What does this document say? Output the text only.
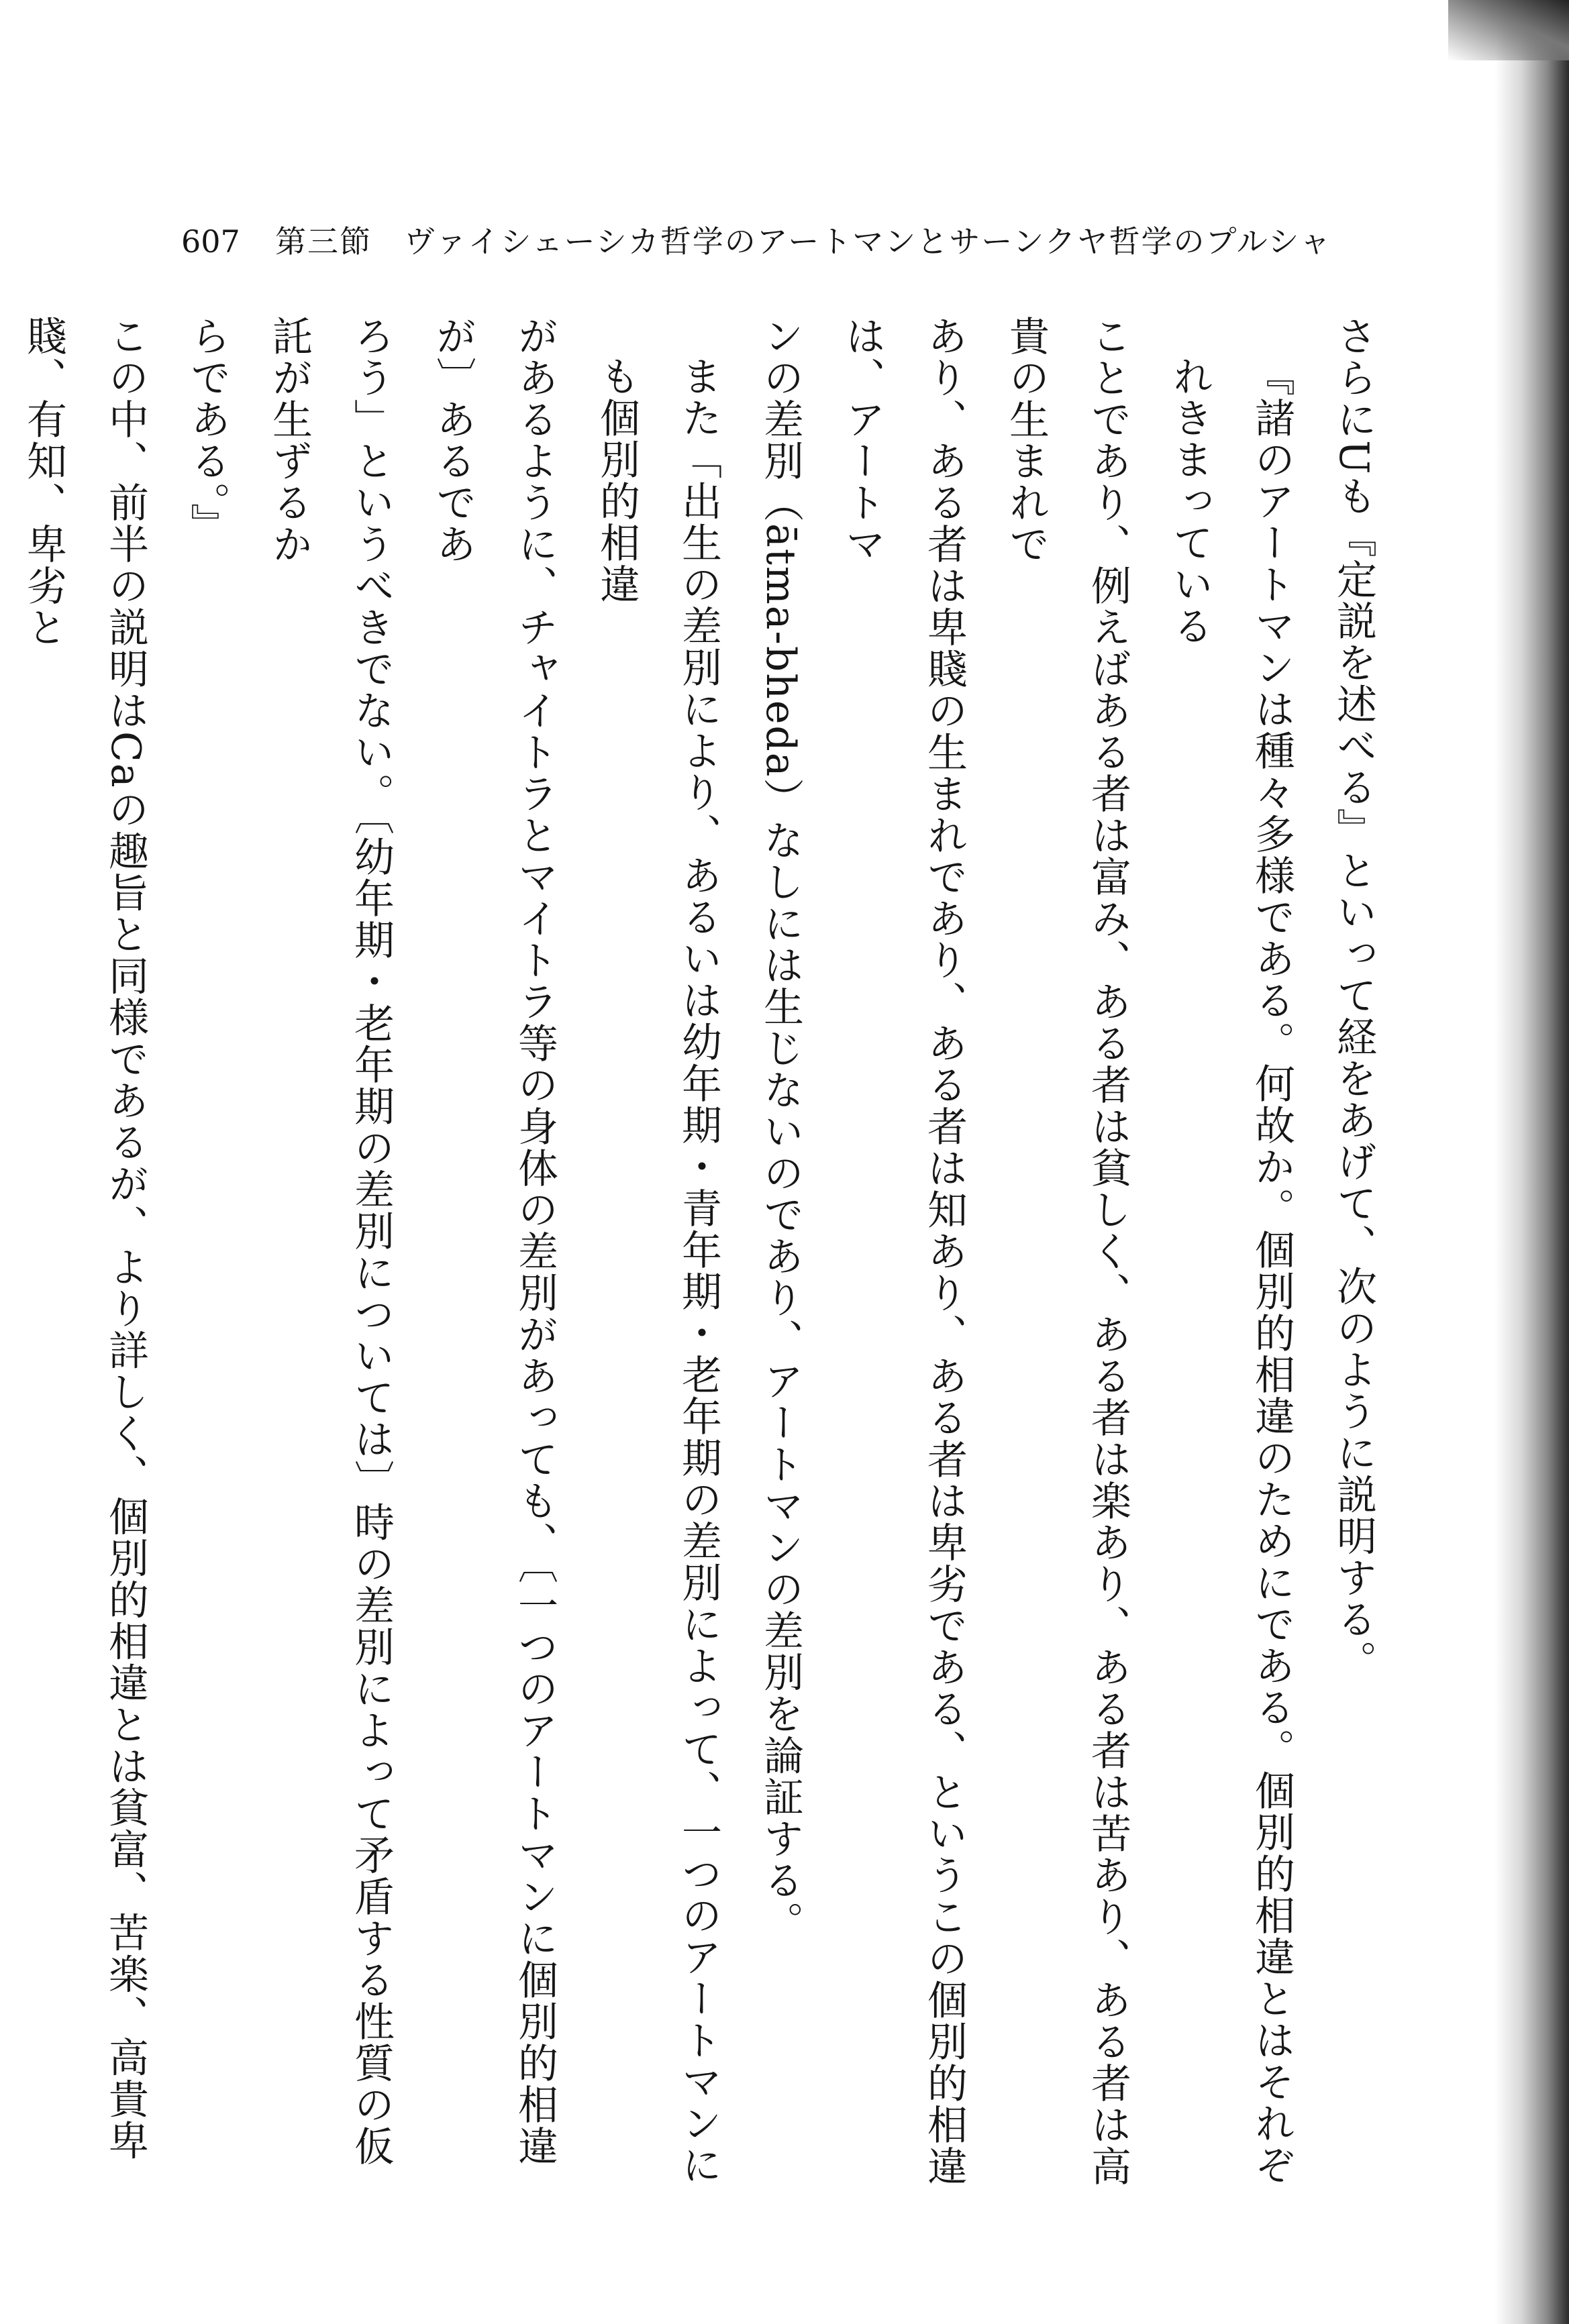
607	第三節　ヴァイシェーシカ哲学のアートマンとサーンクヤ哲学のプルシャ

さらにUも『定説を述べる』といって経をあげて、次のように説明する。

『諸のアートマンは種々多様である。何故か。個別的相違のためにである。個別的相違とはそれぞれきまっている

ことであり、例えばある者は富み、ある者は貧しく、ある者は楽あり、ある者は苦あり、ある者は高貴の生まれで

あり、ある者は卑賤の生まれであり、ある者は知あり、ある者は卑劣である、というこの個別的相違は、アートマ

ンの差別（ātma-bheda）なしには生じないのであり、アートマンの差別を論証する。

また「出生の差別により、あるいは幼年期・青年期・老年期の差別によって、一つのアートマンにも個別的相違

があるように、チャイトラとマイトラ等の身体の差別があっても、〔一つのアートマンに個別的相違が〕あるであ

ろう」というべきでない。〔幼年期・老年期の差別については〕時の差別によって矛盾する性質の仮託が生ずるか

らである。』

この中、前半の説明はCaの趣旨と同様であるが、より詳しく、個別的相違とは貧富、苦楽、高貴卑賤、有知、卑劣と
